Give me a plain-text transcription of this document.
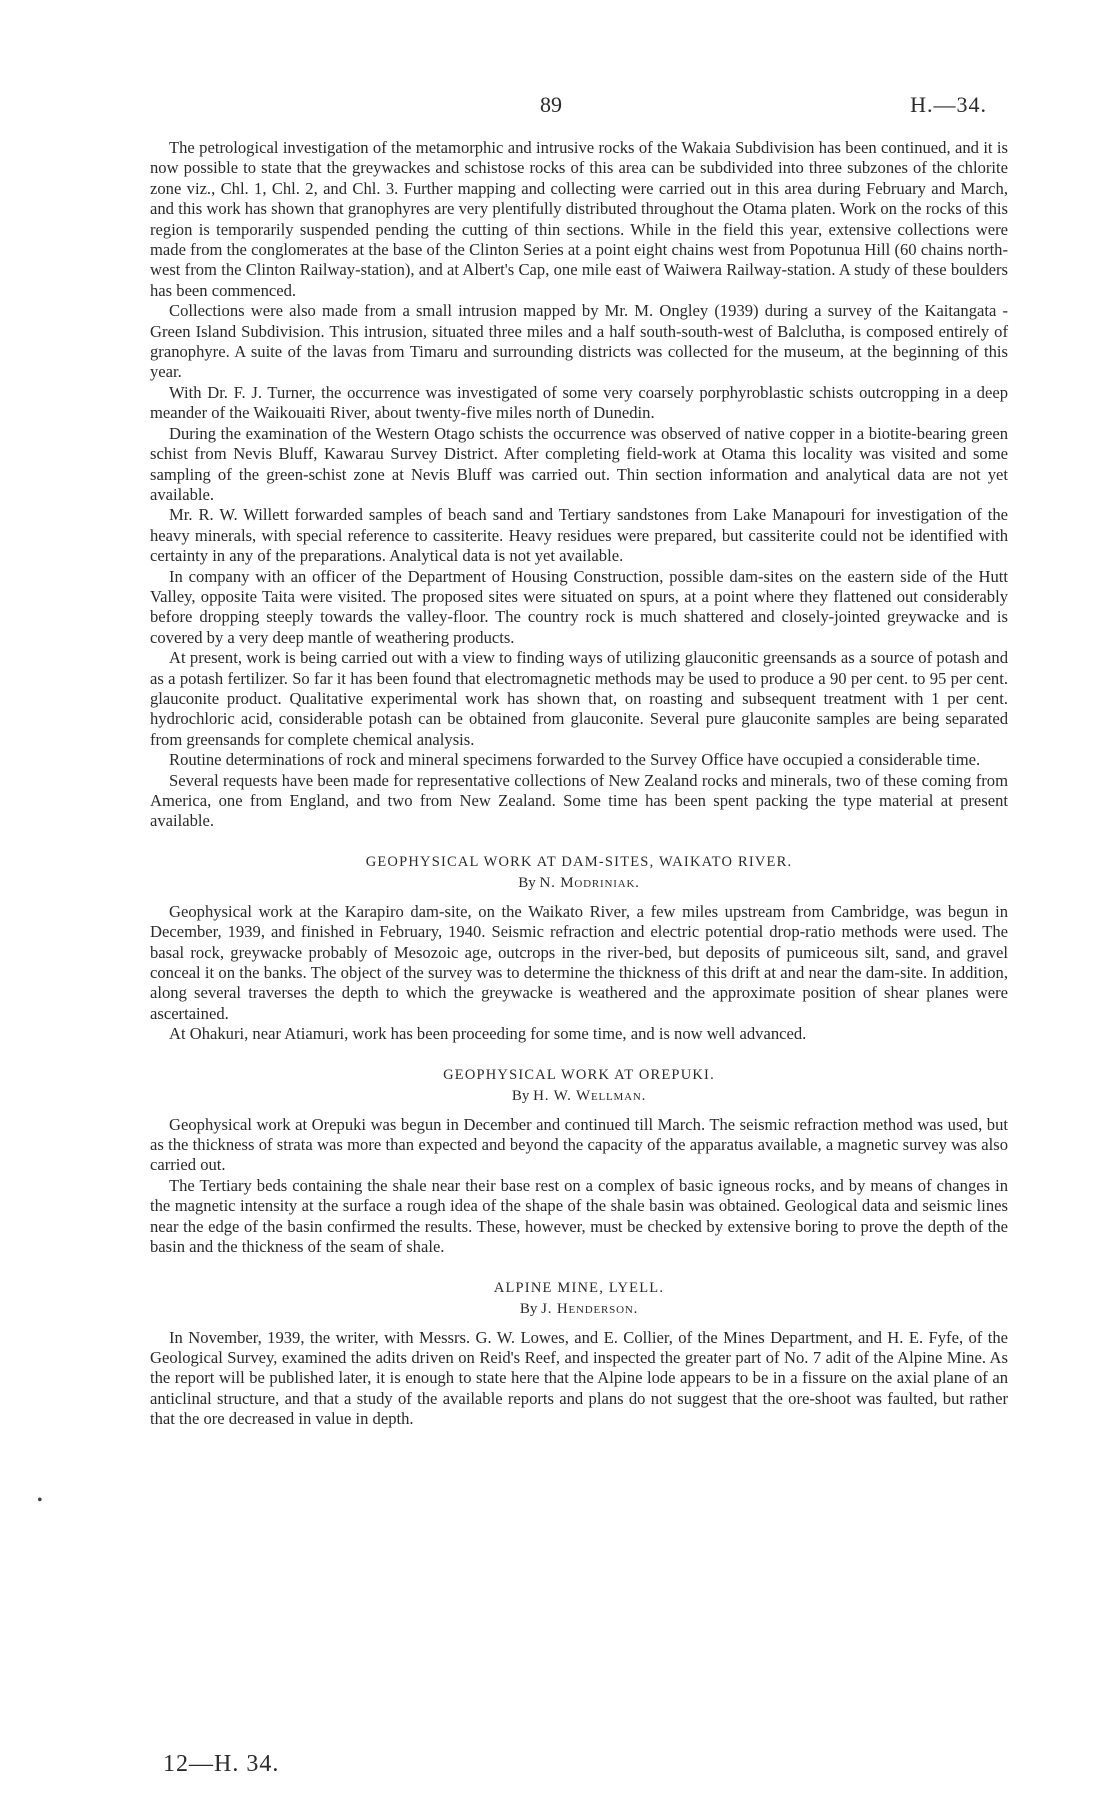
89	H.—34.

The petrological investigation of the metamorphic and intrusive rocks of the Wakaia Subdivision has been continued, and it is now possible to state that the greywackes and schistose rocks of this area can be subdivided into three subzones of the chlorite zone viz., Chl. 1, Chl. 2, and Chl. 3. Further mapping and collecting were carried out in this area during February and March, and this work has shown that granophyres are very plentifully distributed throughout the Otama platen. Work on the rocks of this region is temporarily suspended pending the cutting of thin sections. While in the field this year, extensive collections were made from the conglomerates at the base of the Clinton Series at a point eight chains west from Popotunua Hill (60 chains north-west from the Clinton Railway-station), and at Albert's Cap, one mile east of Waiwera Railway-station. A study of these boulders has been commenced.

Collections were also made from a small intrusion mapped by Mr. M. Ongley (1939) during a survey of the Kaitangata - Green Island Subdivision. This intrusion, situated three miles and a half south-south-west of Balclutha, is composed entirely of granophyre. A suite of the lavas from Timaru and surrounding districts was collected for the museum, at the beginning of this year.

With Dr. F. J. Turner, the occurrence was investigated of some very coarsely porphyroblastic schists outcropping in a deep meander of the Waikouaiti River, about twenty-five miles north of Dunedin.

During the examination of the Western Otago schists the occurrence was observed of native copper in a biotite-bearing green schist from Nevis Bluff, Kawarau Survey District. After completing field-work at Otama this locality was visited and some sampling of the green-schist zone at Nevis Bluff was carried out. Thin section information and analytical data are not yet available.

Mr. R. W. Willett forwarded samples of beach sand and Tertiary sandstones from Lake Manapouri for investigation of the heavy minerals, with special reference to cassiterite. Heavy residues were prepared, but cassiterite could not be identified with certainty in any of the preparations. Analytical data is not yet available.

In company with an officer of the Department of Housing Construction, possible dam-sites on the eastern side of the Hutt Valley, opposite Taita were visited. The proposed sites were situated on spurs, at a point where they flattened out considerably before dropping steeply towards the valley-floor. The country rock is much shattered and closely-jointed greywacke and is covered by a very deep mantle of weathering products.

At present, work is being carried out with a view to finding ways of utilizing glauconitic greensands as a source of potash and as a potash fertilizer. So far it has been found that electromagnetic methods may be used to produce a 90 per cent. to 95 per cent. glauconite product. Qualitative experimental work has shown that, on roasting and subsequent treatment with 1 per cent. hydrochloric acid, considerable potash can be obtained from glauconite. Several pure glauconite samples are being separated from greensands for complete chemical analysis.

Routine determinations of rock and mineral specimens forwarded to the Survey Office have occupied a considerable time.

Several requests have been made for representative collections of New Zealand rocks and minerals, two of these coming from America, one from England, and two from New Zealand. Some time has been spent packing the type material at present available.

GEOPHYSICAL WORK AT DAM-SITES, WAIKATO RIVER.
By N. Modriniak.

Geophysical work at the Karapiro dam-site, on the Waikato River, a few miles upstream from Cambridge, was begun in December, 1939, and finished in February, 1940. Seismic refraction and electric potential drop-ratio methods were used. The basal rock, greywacke probably of Mesozoic age, outcrops in the river-bed, but deposits of pumiceous silt, sand, and gravel conceal it on the banks. The object of the survey was to determine the thickness of this drift at and near the dam-site. In addition, along several traverses the depth to which the greywacke is weathered and the approximate position of shear planes were ascertained.

At Ohakuri, near Atiamuri, work has been proceeding for some time, and is now well advanced.

GEOPHYSICAL WORK AT OREPUKI.
By H. W. Wellman.

Geophysical work at Orepuki was begun in December and continued till March. The seismic refraction method was used, but as the thickness of strata was more than expected and beyond the capacity of the apparatus available, a magnetic survey was also carried out.

The Tertiary beds containing the shale near their base rest on a complex of basic igneous rocks, and by means of changes in the magnetic intensity at the surface a rough idea of the shape of the shale basin was obtained. Geological data and seismic lines near the edge of the basin confirmed the results. These, however, must be checked by extensive boring to prove the depth of the basin and the thickness of the seam of shale.

ALPINE MINE, LYELL.
By J. Henderson.

In November, 1939, the writer, with Messrs. G. W. Lowes, and E. Collier, of the Mines Department, and H. E. Fyfe, of the Geological Survey, examined the adits driven on Reid's Reef, and inspected the greater part of No. 7 adit of the Alpine Mine. As the report will be published later, it is enough to state here that the Alpine lode appears to be in a fissure on the axial plane of an anticlinal structure, and that a study of the available reports and plans do not suggest that the ore-shoot was faulted, but rather that the ore decreased in value in depth.

•
12—H. 34.
